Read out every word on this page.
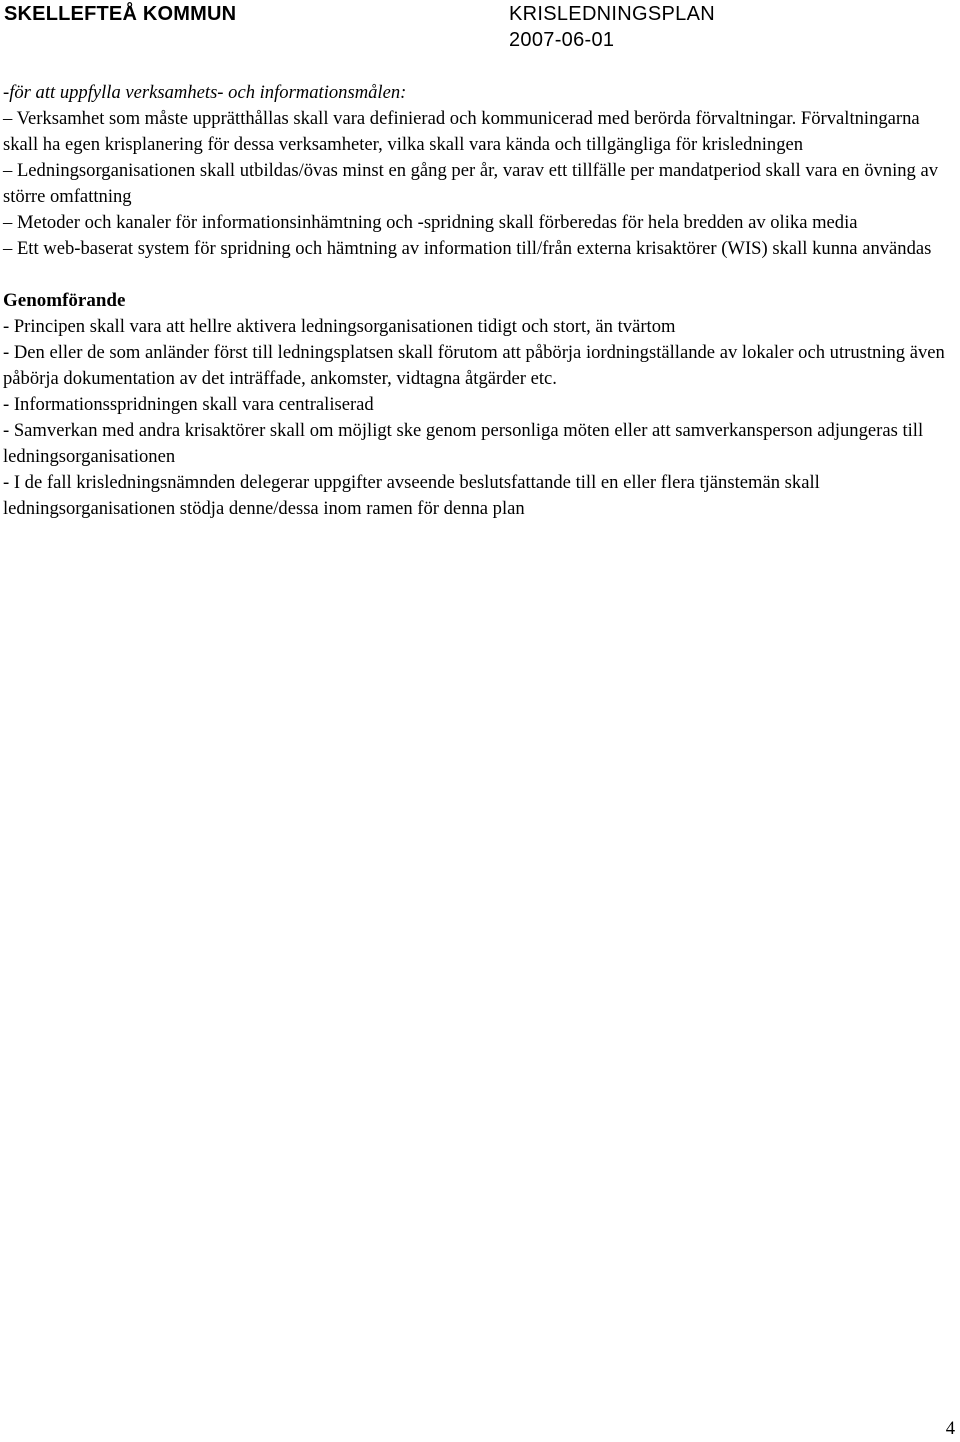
SKELLEFTEÅ KOMMUN	KRISLEDNINGSPLAN
2007-06-01

-för att uppfylla verksamhets- och informationsmålen:

– Verksamhet som måste upprätthållas skall vara definierad och kommunicerad med berörda förvaltningar. Förvaltningarna skall ha egen krisplanering för dessa verksamheter, vilka skall vara kända och tillgängliga för krisledningen

– Ledningsorganisationen skall utbildas/övas minst en gång per år, varav ett tillfälle per mandatperiod skall vara en övning av större omfattning

– Metoder och kanaler för informationsinhämtning och -spridning skall förberedas för hela bredden av olika media

– Ett web-baserat system för spridning och hämtning av information till/från externa krisaktörer (WIS) skall kunna användas

Genomförande

- Principen skall vara att hellre aktivera ledningsorganisationen tidigt och stort, än tvärtom

- Den eller de som anländer först till ledningsplatsen skall förutom att påbörja iordningställande av lokaler och utrustning även påbörja dokumentation av det inträffade, ankomster, vidtagna åtgärder etc.

- Informationsspridningen skall vara centraliserad

- Samverkan med andra krisaktörer skall om möjligt ske genom personliga möten eller att samverkansperson adjungeras till ledningsorganisationen

- I de fall krisledningsnämnden delegerar uppgifter avseende beslutsfattande till en eller flera tjänstemän skall ledningsorganisationen stödja denne/dessa inom ramen för denna plan

4
